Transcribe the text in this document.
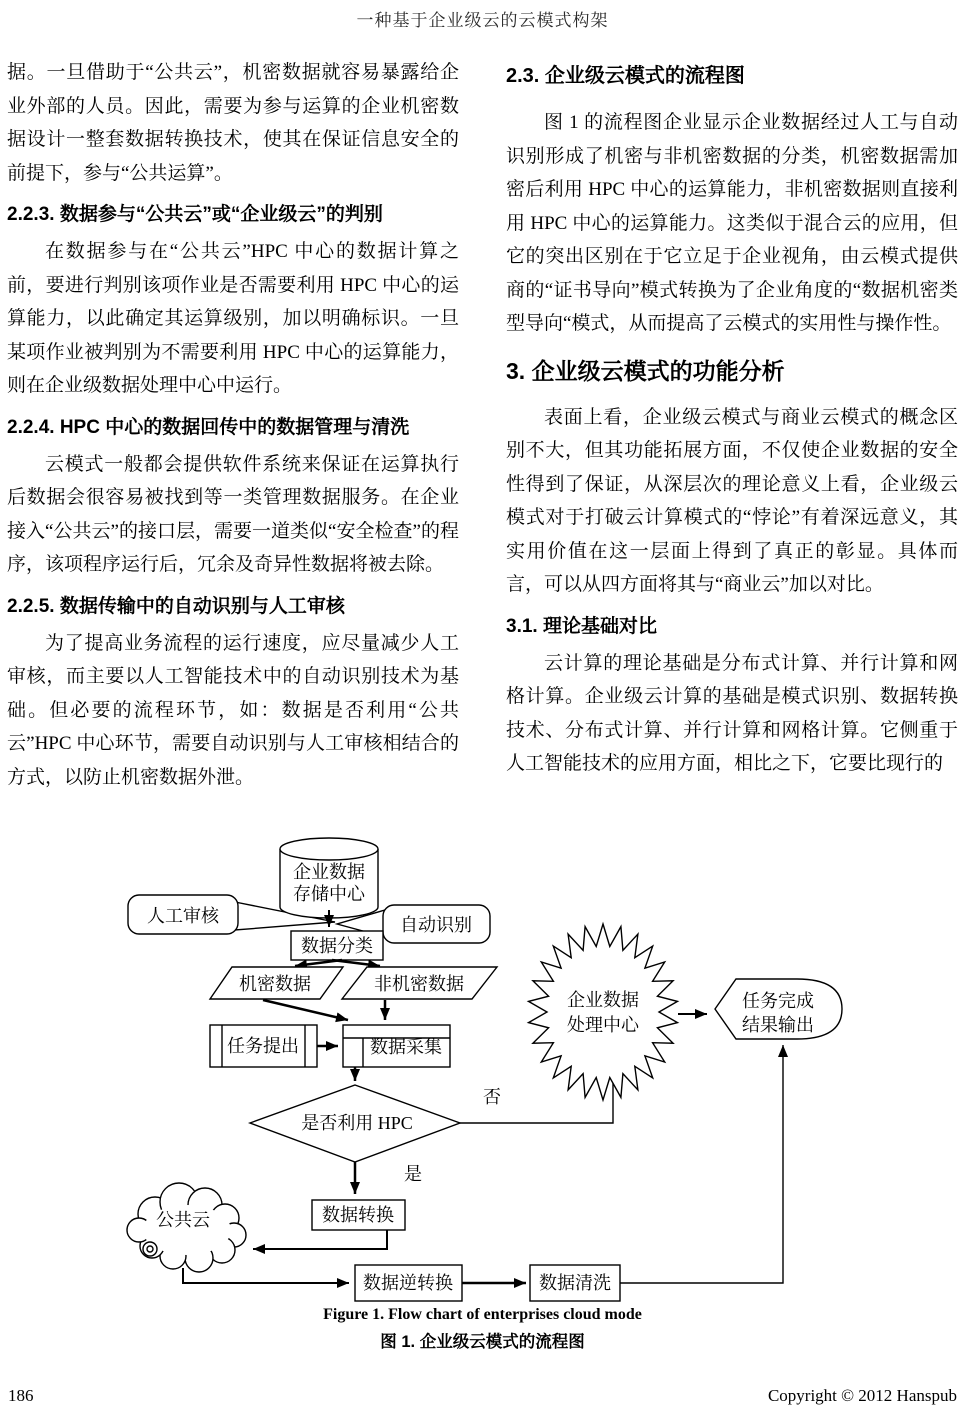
一种基于企业级云的云模式构架

据。一旦借助于“公共云”，机密数据就容易暴露给企业外部的人员。因此，需要为参与运算的企业机密数据设计一整套数据转换技术，使其在保证信息安全的前提下，参与“公共运算”。

2.2.3. 数据参与“公共云”或“企业级云”的判别

在数据参与在“公共云”HPC 中心的数据计算之前，要进行判别该项作业是否需要利用 HPC 中心的运算能力，以此确定其运算级别，加以明确标识。一旦某项作业被判别为不需要利用 HPC 中心的运算能力，则在企业级数据处理中心中运行。

2.2.4. HPC 中心的数据回传中的数据管理与清洗

云模式一般都会提供软件系统来保证在运算执行后数据会很容易被找到等一类管理数据服务。在企业接入“公共云”的接口层，需要一道类似“安全检查”的程序，该项程序运行后，冗余及奇异性数据将被去除。

2.2.5. 数据传输中的自动识别与人工审核

为了提高业务流程的运行速度，应尽量减少人工审核，而主要以人工智能技术中的自动识别技术为基础。但必要的流程环节，如：数据是否利用“公共云”HPC 中心环节，需要自动识别与人工审核相结合的方式，以防止机密数据外泄。

2.3. 企业级云模式的流程图

图 1 的流程图企业显示企业数据经过人工与自动识别形成了机密与非机密数据的分类，机密数据需加密后利用 HPC 中心的运算能力，非机密数据则直接利用 HPC 中心的运算能力。这类似于混合云的应用，但它的突出区别在于它立足于企业视角，由云模式提供商的“证书导向”模式转换为了企业角度的“数据机密类型导向“模式，从而提高了云模式的实用性与操作性。

3. 企业级云模式的功能分析

表面上看，企业级云模式与商业云模式的概念区别不大，但其功能拓展方面，不仅使企业数据的安全性得到了保证，从深层次的理论意义上看，企业级云模式对于打破云计算模式的“悖论”有着深远意义，其实用价值在这一层面上得到了真正的彰显。具体而言，可以从四方面将其与“商业云”加以对比。

3.1. 理论基础对比

云计算的理论基础是分布式计算、并行计算和网格计算。企业级云计算的基础是模式识别、数据转换技术、分布式计算、并行计算和网格计算。它侧重于人工智能技术的应用方面，相比之下，它要比现行的

人工审核	自动识别
企业数据
存储中心
数据分类
机密数据	非机密数据
任务提出	数据采集
是否利用 HPC
否
企业数据
处理中心
任务完成
结果输出
是
数据转换
公共云
数据逆转换	数据清洗
Figure 1. Flow chart of enterprises cloud mode
图 1. 企业级云模式的流程图
186	Copyright © 2012 Hanspub
